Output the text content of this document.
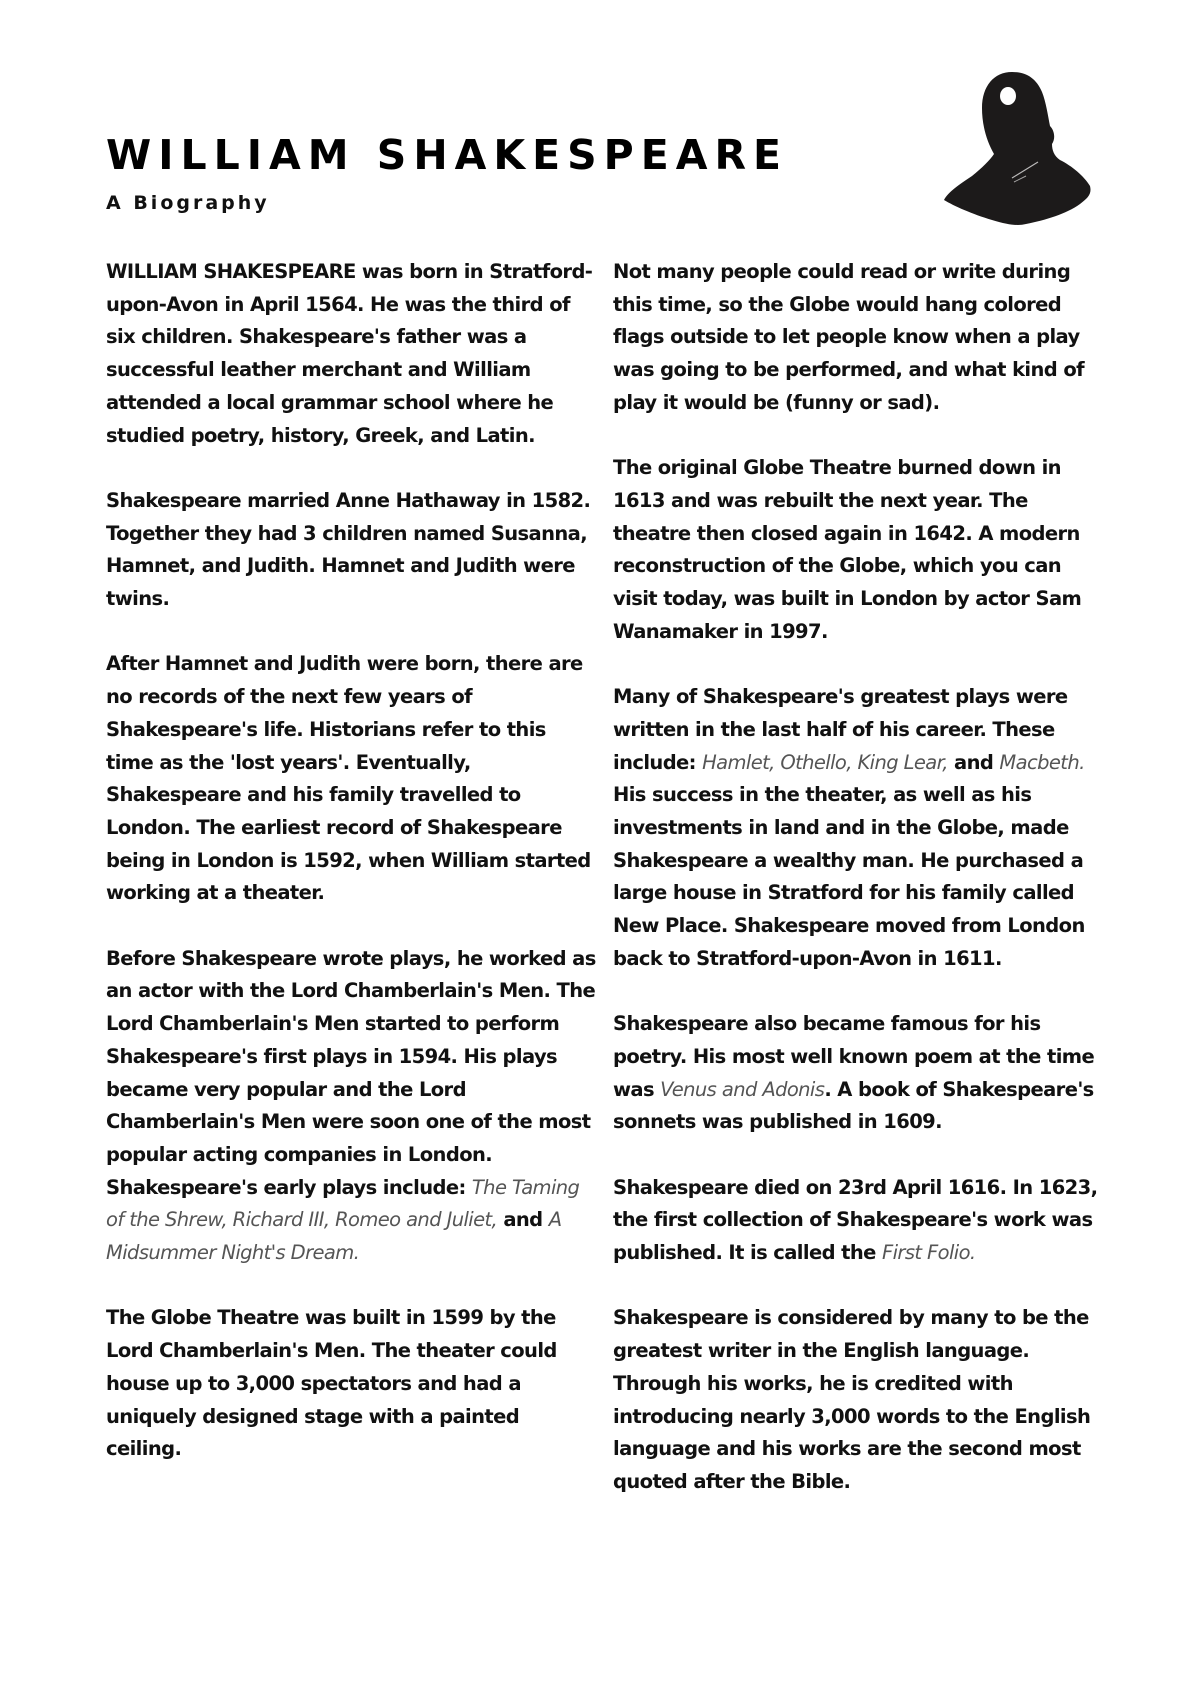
WILLIAM SHAKESPEARE
A Biography

WILLIAM SHAKESPEARE was born in Stratford-upon-Avon in April 1564. He was the third of six children. Shakespeare's father was a successful leather merchant and William attended a local grammar school where he studied poetry, history, Greek, and Latin.

Shakespeare married Anne Hathaway in 1582. Together they had 3 children named Susanna, Hamnet, and Judith. Hamnet and Judith were twins.

After Hamnet and Judith were born, there are no records of the next few years of Shakespeare's life. Historians refer to this time as the 'lost years'. Eventually, Shakespeare and his family travelled to London. The earliest record of Shakespeare being in London is 1592, when William started working at a theater.

Before Shakespeare wrote plays, he worked as an actor with the Lord Chamberlain's Men. The Lord Chamberlain's Men started to perform Shakespeare's first plays in 1594. His plays became very popular and the Lord Chamberlain's Men were soon one of the most popular acting companies in London. Shakespeare's early plays include: The Taming of the Shrew, Richard III, Romeo and Juliet, and A Midsummer Night's Dream.

The Globe Theatre was built in 1599 by the Lord Chamberlain's Men. The theater could house up to 3,000 spectators and had a uniquely designed stage with a painted ceiling.

Not many people could read or write during this time, so the Globe would hang colored flags outside to let people know when a play was going to be performed, and what kind of play it would be (funny or sad).

The original Globe Theatre burned down in 1613 and was rebuilt the next year. The theatre then closed again in 1642. A modern reconstruction of the Globe, which you can visit today, was built in London by actor Sam Wanamaker in 1997.

Many of Shakespeare's greatest plays were written in the last half of his career. These include: Hamlet, Othello, King Lear, and Macbeth. His success in the theater, as well as his investments in land and in the Globe, made Shakespeare a wealthy man. He purchased a large house in Stratford for his family called New Place. Shakespeare moved from London back to Stratford-upon-Avon in 1611.

Shakespeare also became famous for his poetry. His most well known poem at the time was Venus and Adonis. A book of Shakespeare's sonnets was published in 1609.

Shakespeare died on 23rd April 1616. In 1623, the first collection of Shakespeare's work was published. It is called the First Folio.

Shakespeare is considered by many to be the greatest writer in the English language. Through his works, he is credited with introducing nearly 3,000 words to the English language and his works are the second most quoted after the Bible.
